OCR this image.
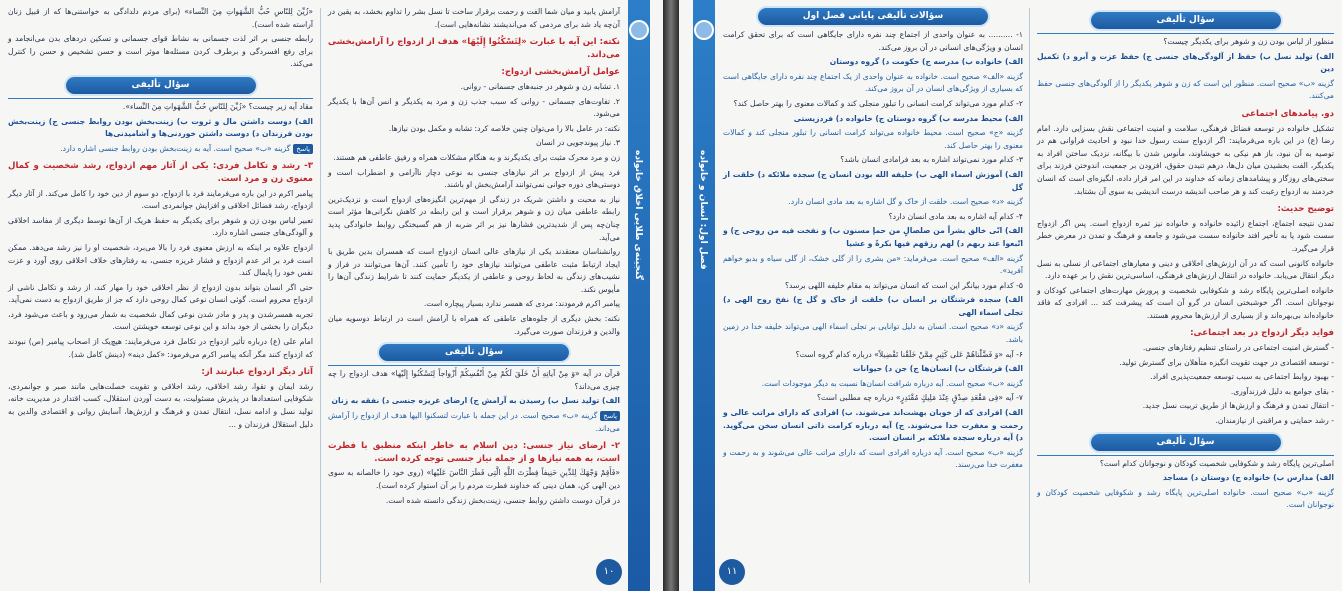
«زُیِّنَ لِلنّاسِ حُبُّ الشَّهَواتِ مِنَ النِّساء» (برای مردم دلدادگی به خواستنی‌ها که از قبیل زنان آراسته شده است).

رابطه جنسی بر اثر لذت جسمانی به نشاط قوای جسمانی و تسکین دردهای بدن می‌انجامد و برای رفع افسردگی و برطرف کردن مسئله‌ها موثر است و حسن تشخیص و حسن را کنترل می‌کند.

سؤال تألیفی

مقاد آیه زیر چیست؟ «زُیِّنَ لِلنّاسِ حُبُّ الشَّهَواتِ مِنَ النِّساء».

الف) دوست داشتن مال و ثروت ب) زینت‌بخش بودن روابط جنسی ج) زینت‌بخش بودن فرزندان د) دوست داشتن خوردنی‌ها و آشامیدنی‌ها

پاسخگزینه «ب» صحیح است. آیه به زینت‌بخش بودن روابط جنسی اشاره دارد.

۳- رشد و تکامل فردی: یکی از آثار مهم ازدواج، رشد شخصیت و کمال معنوی زن و مرد است.

پیامبر اکرم در این باره می‌فرمایند فرد با ازدواج، دو سوم از دین خود را کامل می‌کند. از آثار دیگر ازدواج، رشد فضائل اخلاقی و افزایش جوانمردی است.

تعبیر لباس بودن زن و شوهر برای یکدیگر به حفظ هریک از آن‌ها توسط دیگری از مفاسد اخلاقی و آلودگی‌های جنسی اشاره دارد.

ازدواج علاوه بر اینکه به ارزش معنوی فرد را بالا می‌برد، شخصیت او را نیز رشد می‌دهد. ممکن است فرد بر اثر عدم ازدواج و فشار غریزه جنسی، به رفتارهای خلاف اخلاقی روی آورد و عزت نفس خود را پایمال کند.

حتی اگر انسان بتواند بدون ازدواج از نظر اخلاقی خود را مهار کند، از رشد و تکامل ناشی از ازدواج محروم است. گوئی انسان نوعی کمال روحی دارد که جز از طریق ازدواج به دست نمی‌آید.

تجربه همسرشدن و پدر و مادر شدن نوعی کمال شخصیت به شمار می‌رود و باعث می‌شود فرد، دیگران را بخشی از خود بداند و این نوعی توسعه خویشتن است.

امام علی (ع) درباره تأثیر ازدواج در تکامل فرد می‌فرمایند: هیچ‌یک از اصحاب پیامبر (ص) نبودند که ازدواج کنند مگر آنکه پیامبر اکرم می‌فرمود: «کمل دینه» (دینش کامل شد).

آثار دیگر ازدواج عبارتند از:

رشد ایمان و تقوا، رشد اخلاقی، رشد اخلاقی و تقویت خصلت‌هایی مانند صبر و جوانمردی، شکوفایی استعدادها در پذیرش مسئولیت، به دست آوردن استقلال، کسب اقتدار در مدیریت خانه، تولید نسل و ادامه نسل، انتقال تمدن و فرهنگ و ارزش‌ها، آسایش روانی و اقتصادی والدین به دلیل استقلال فرزندان و ...

آرامش یابید و میان شما الفت و رحمت برقرار ساخت تا نسل بشر را تداوم بخشد، به یقین در آن‌چه یاد شد برای مردمی که می‌اندیشند نشانه‌هایی است).

نکته: این آیه با عبارت «لِتَسْكُنُوا إِلَيْهَا» هدف از ازدواج را آرامش‌بخشی می‌داند.

عوامل آرامش‌بخشی ازدواج:

۱. تشابه زن و شوهر در جنبه‌های جسمانی - روانی.

۲. تفاوت‌های جسمانی - روانی که سبب جذب زن و مرد به یکدیگر و انس آن‌ها با یکدیگر می‌شود.

نکته: در عامل بالا را می‌توان چنین خلاصه کرد: تشابه و مکمل بودن نیازها.

۳. نیاز پیوندجویی در انسان

زن و مرد محرک مثبت برای یکدیگرند و به هنگام مشکلات همراه و رفیق عاطفی هم هستند.

فرد پیش از ازدواج بر اثر نیازهای جنسی به نوعی دچار ناآرامی و اضطراب است و دوستی‌های دوره جوانی نمی‌توانند آرامش‌بخش او باشند.

نیاز به محبت و داشتن شریک در زندگی از مهم‌ترین انگیزه‌های ازدواج است و نزدیک‌ترین رابطه عاطفی میان زن و شوهر برقرار است و این رابطه در کاهش نگرانی‌ها مؤثر است چنان‌چه پس از شدیدترین فشارها نیز بر اثر ضربه از هم گسیختگی روابط خانوادگی پدید می‌آید.

روانشناسان معتقدند یکی از نیازهای عالی انسان ازدواج است که همسران بدین طریق با ایجاد ارتباط مثبت عاطفی می‌توانند نیازهای خود را تأمین کنند. آن‌ها می‌توانند در فراز و نشیب‌های زندگی به لحاظ روحی و عاطفی از یکدیگر حمایت کنند تا شرایط زندگی آن‌ها را مأیوس نکند.

پیامبر اکرم فرمودند: مردی که همسر ندارد بسیار پیچاره است.

نکته: بخش دیگری از جلوه‌های عاطفی که همراه با آرامش است در ارتباط دوسویه میان والدین و فرزندان صورت می‌گیرد.

سؤال تألیفی

قرآن در آیه «وَ مِنْ آیاتِهِ أَنْ خَلَقَ لَكُمْ مِنْ أَنْفُسِكُمْ أَزْواجاً لِتَسْكُنُوا إِلَیْها» هدف ازدواج را چه چیزی می‌داند؟

الف) تولید نسل ب) رسیدن به آرامش ج) ارضای غریزه جنسی د) نفقه به زنان

پاسخگزینه «ب» صحیح است. در این جمله با عبارت لتسکنوا الیها هدف از ازدواج را آرامش می‌داند.

۲- ارضای نیاز جنسی: دین اسلام به خاطر اینکه منطبق با فطرت است، به همه نیازها و از جمله نیاز جنسی توجه کرده است.

«فَأَقِمْ وَجْهَكَ لِلدِّینِ حَنِیفاً فِطْرَتَ اللَّهِ الَّتِی فَطَرَ النَّاسَ عَلَیْها» (روی خود را خالصانه به سوی دین الهی کن، همان دینی که خداوند فطرت مردم را بر آن استوار کرده است).

در قرآن دوست داشتن روابط جنسی، زینت‌بخش زندگی دانسته شده است.

گنجینه‌ی طلایی اخلاق خانواده
۱۰
فصل اول: انسان و خانواده
۱۱
سؤالات تألیفی پایانی فصل اول

۱- .......... به عنوان واحدی از اجتماع چند نفره دارای جایگاهی است که برای تحقق کرامت انسان و ویژگی‌های انسانی در آن بروز می‌کند.

الف) خانواده ب) مدرسه ج) حکومت د) گروه دوستان

گزینه «الف» صحیح است. خانواده به عنوان واحدی از یک اجتماع چند نفره دارای جایگاهی است که بسیاری از ویژگی‌های انسان در آن بروز می‌کند.

۲- کدام مورد می‌تواند کرامت انسانی را تبلور منجلی کند و کمالات معنوی را بهتر حاصل کند؟

الف) محیط مدرسه ب) گروه دوستان ج) خانواده د) فردزیستی

گزینه «ج» صحیح است. محیط خانواده می‌تواند کرامت انسانی را تبلور منجلی کند و کمالات معنوی را بهتر حاصل کند.

۳- کدام مورد نمی‌تواند اشاره به بعد فرامادی انسان باشد؟

الف) آموزش اسماء الهی ب) خلیفه الله بودن انسان ج) سجده ملائکه د) خلقت از گل

گزینه «د» صحیح است. خلقت از خاک و گل اشاره به بعد مادی انسان دارد.

۴- کدام آیه اشاره به بعد مادی انسان دارد؟

الف) انّی خالق بشراً من صلصالٍ من حمإ مسنون ب) و نفخت فیه من روحی ج) و اتّبعوا عند ربهم د) لهم رزقهم فیها بکرةً و عشیا

گزینه «الف» صحیح است. می‌فرماید: «من بشری را از گلی خشک، از گلی سیاه و بدبو خواهم آفرید».

۵- کدام مورد بیانگر این است که انسان می‌تواند به مقام خلیفه اللهی برسد؟

الف) سجده فرشتگان بر انسان ب) خلقت از خاک و گل ج) نفخ روح الهی د) تجلی اسماء الهی

گزینه «د» صحیح است. انسان به دلیل توانایی بر تجلی اسماء الهی می‌تواند خلیفه خدا در زمین باشد.

۶- آیه «وَ فَضَّلْناهُمْ عَلی كَثِیرٍ مِمَّنْ خَلَقْنا تَفْضِیلاً» درباره کدام گروه است؟

الف) فرشتگان ب) انسان‌ها ج) جن د) حیوانات

گزینه «ب» صحیح است. آیه درباره شرافت انسان‌ها نسبت به دیگر موجودات است.

۷- آیه «فِی مَقْعَدِ صِدْقٍ عِنْدَ مَلِیكٍ مُقْتَدِرٍ» درباره چه مطلبی است؟

الف) افرادی که از خوبان بهشت‌اند می‌شوند. ب) افرادی که دارای مراتب عالی و رحمت و مغفرت خدا می‌شوند. ج) آیه درباره کرامت ذاتی انسان سخن می‌گوید. د) آیه درباره سجده ملائکه بر انسان است.

گزینه «ب» صحیح است. آیه درباره افرادی است که دارای مراتب عالی می‌شوند و به رحمت و مغفرت خدا می‌رسند.

سؤال تألیفی

منظور از لباس بودن زن و شوهر برای یکدیگر چیست؟

الف) تولید نسل ب) حفظ از آلودگی‌های جنسی ج) حفظ عزت و آبرو د) تکمیل دین

گزینه «ب» صحیح است. منظور این است که زن و شوهر یکدیگر را از آلودگی‌های جنسی حفظ می‌کنند.

دو. پیامدهای اجتماعی

تشکیل خانواده در توسعه فضائل فرهنگی، سلامت و امنیت اجتماعی نقش بسزایی دارد. امام رضا (ع) در این باره می‌فرمایند: اگر ازدواج سنت رسول خدا نبود و احادیث فراوانی هم در توصیه به آن نبود، باز هم نیکی به خویشاوند، مأنوس شدن با بیگانه، نزدیک ساختن افراد به یکدیگر، الفت بخشیدن میان دل‌ها، درهم تنیدن حقوق، افزودن بر جمعیت، اندوختن فرزند برای سختی‌های روزگار و پیشامدهای زمانه که خداوند در این امر قرار داده، انگیزه‌ای است که انسان خردمند به ازدواج رغبت کند و هر صاحب اندیشه درست اندیشی به سوی آن بشتابد.

توضیح حدیث:

تمدن نتیجه اجتماع، اجتماع زائیده خانواده و خانواده نیز ثمره ازدواج است. پس اگر ازدواج سست شود یا به تأخیر افتد خانواده سست می‌شود و جامعه و فرهنگ و تمدن در معرض خطر قرار می‌گیرد.

خانواده کانونی است که در آن ارزش‌های اخلاقی و دینی و معیارهای اجتماعی از نسلی به نسل دیگر انتقال می‌یابد. خانواده در انتقال ارزش‌های فرهنگی، اساسی‌ترین نقش را بر عهده دارد.

خانواده اصلی‌ترین پایگاه رشد و شکوفایی شخصیت و پرورش مهارت‌های اجتماعی کودکان و نوجوانان است. اگر خوشبختی انسان در گرو آن است که پیشرفت کند ... افرادی که فاقد خانواده‌اند بی‌بهره‌اند و از بسیاری از ارزش‌ها محروم هستند.

فواید دیگر ازدواج در بعد اجتماعی:

- گسترش امنیت اجتماعی در راستای تنظیم رفتارهای جنسی.

- توسعه اقتصادی در جهت تقویت انگیزه متأهلان برای گسترش تولید.

- بهبود روابط اجتماعی به سبب توسعه جمعیت‌پذیری افراد.

- بقای جوامع به دلیل فرزندآوری.

- انتقال تمدن و فرهنگ و ارزش‌ها از طریق تربیت نسل جدید.

- رشد حمایتی و مراقبتی از نیازمندان.

سؤال تألیفی

اصلی‌ترین پایگاه رشد و شکوفایی شخصیت کودکان و نوجوانان کدام است؟

الف) مدارس ب) خانواده ج) دوستان د) مساجد

گزینه «ب» صحیح است. خانواده اصلی‌ترین پایگاه رشد و شکوفایی شخصیت کودکان و نوجوانان است.
